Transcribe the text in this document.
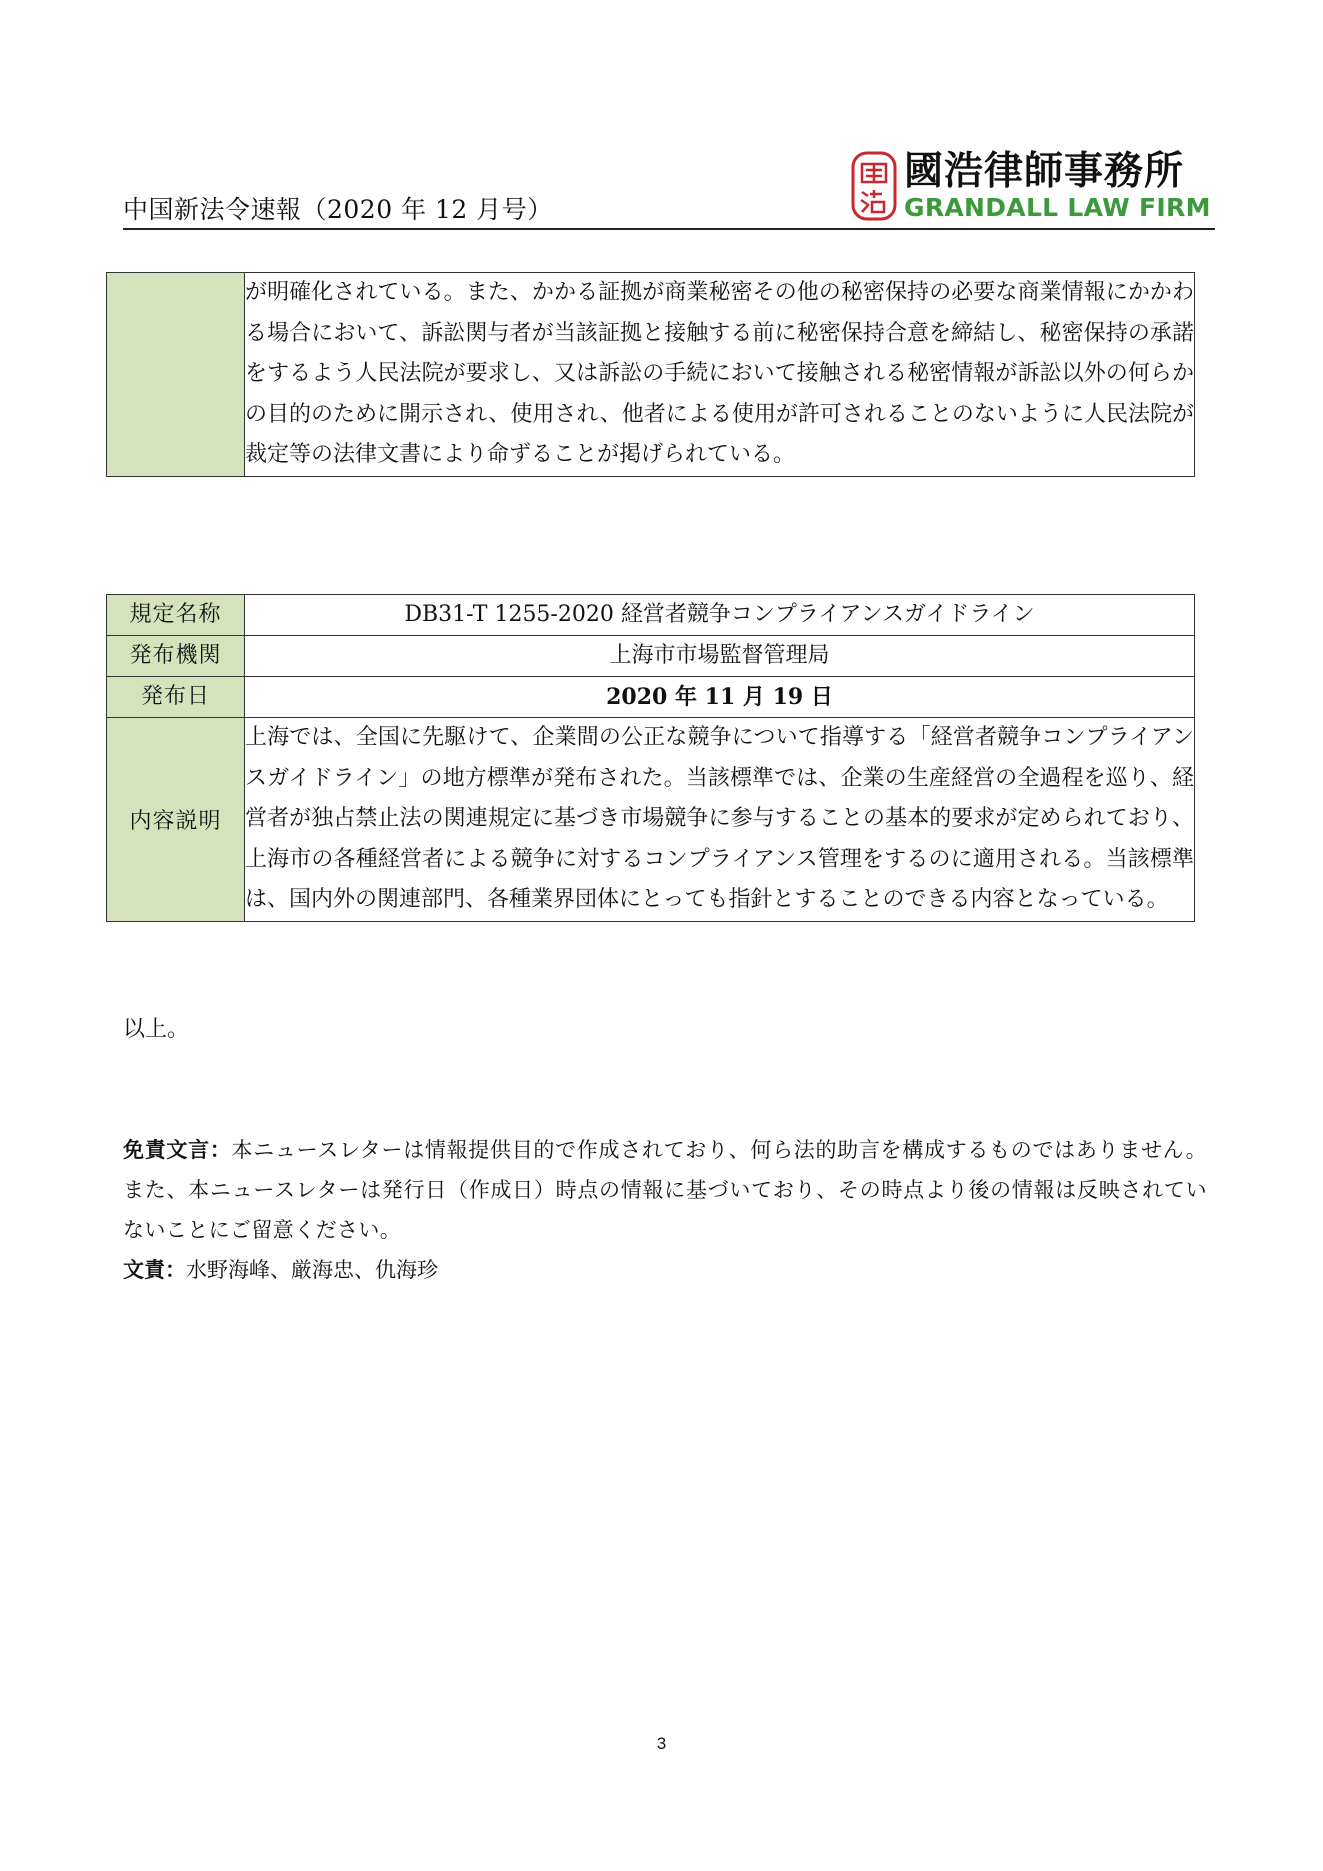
中国新法令速報（2020 年 12 月号）
國浩律師事務所
GRANDALL LAW FIRM
	が明確化されている。また、かかる証拠が商業秘密その他の秘密保持の必要な商業情報にかかわる場合において、訴訟関与者が当該証拠と接触する前に秘密保持合意を締結し、秘密保持の承諾をするよう人民法院が要求し、又は訴訟の手続において接触される秘密情報が訴訟以外の何らかの目的のために開示され、使用され、他者による使用が許可されることのないように人民法院が裁定等の法律文書により命ずることが掲げられている。
規定名称	DB31-T 1255-2020 経営者競争コンプライアンスガイドライン
発布機関	上海市市場監督管理局
発布日	2020 年 11 月 19 日
内容説明	上海では、全国に先駆けて、企業間の公正な競争について指導する「経営者競争コンプライアンスガイドライン」の地方標準が発布された。当該標準では、企業の生産経営の全過程を巡り、経営者が独占禁止法の関連規定に基づき市場競争に参与することの基本的要求が定められており、上海市の各種経営者による競争に対するコンプライアンス管理をするのに適用される。当該標準は、国内外の関連部門、各種業界団体にとっても指針とすることのできる内容となっている。
以上。
免責文言：本ニュースレターは情報提供目的で作成されており、何ら法的助言を構成するものではありません。また、本ニュースレターは発行日（作成日）時点の情報に基づいており、その時点より後の情報は反映されていないことにご留意ください。
文責：水野海峰、厳海忠、仇海珍
3
